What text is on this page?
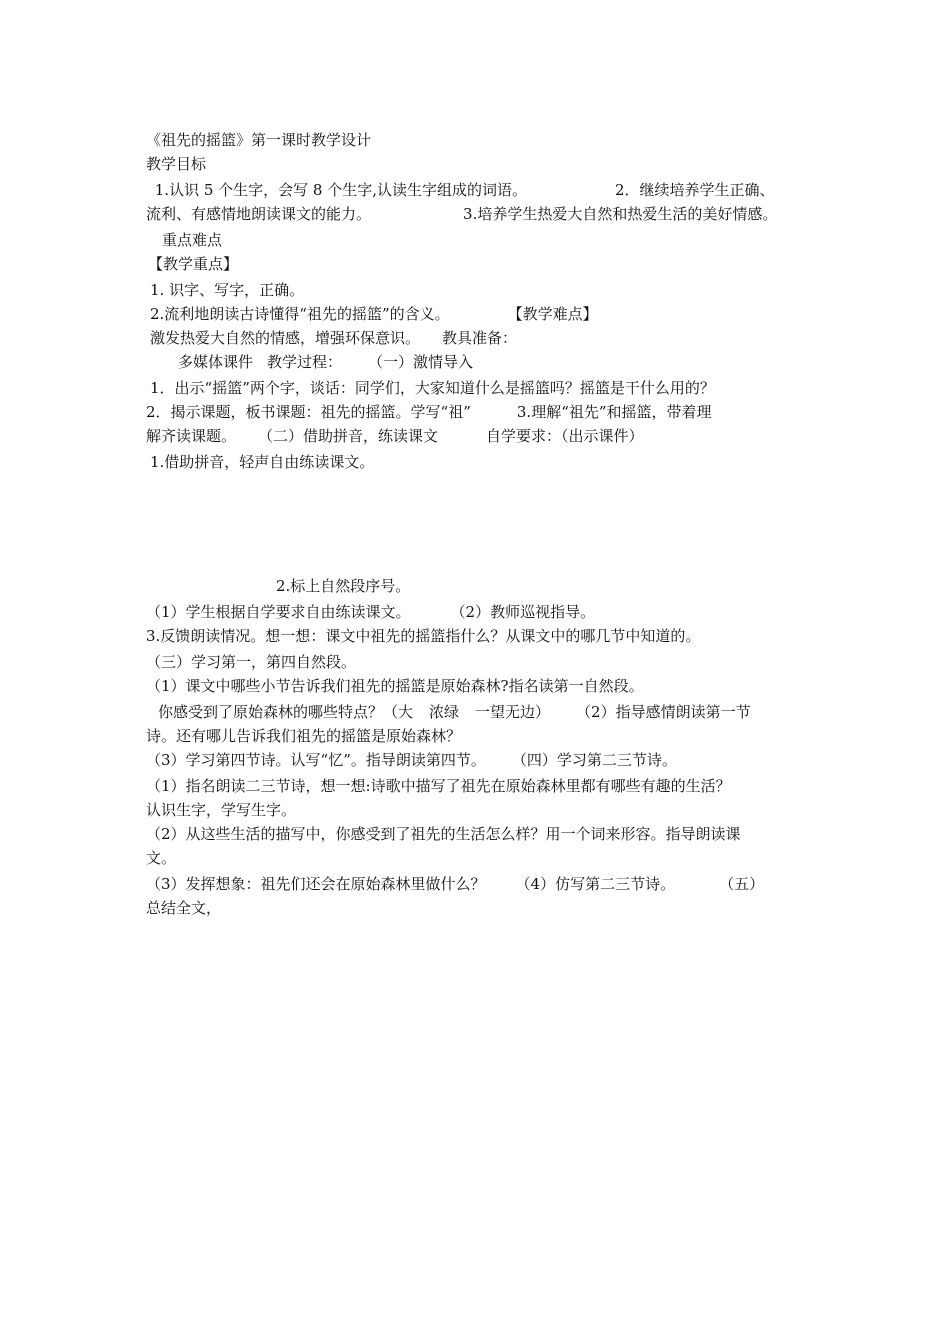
《祖先的摇篮》第一课时教学设计
教学目标
1.认识 5 个生字，会写 8 个生字,认读生字组成的词语。	2．继续培养学生正确、
流利、有感情地朗读课文的能力。	3.培养学生热爱大自然和热爱生活的美好情感。
重点难点
【教学重点】
1. 识字、写字，正确。
2.流利地朗读古诗懂得“祖先的摇篮”的含义。	【教学难点】
激发热爱大自然的情感，增强环保意识。 教具准备：
多媒体课件 教学过程： （一）激情导入
1．出示“摇篮”两个字，谈话：同学们，大家知道什么是摇篮吗？摇篮是干什么用的？
2．揭示课题，板书课题：祖先的摇篮。学写“祖”	3.理解“祖先”和摇篮，带着理
解齐读课题。 （二）借助拼音，练读课文	自学要求：（出示课件）
1.借助拼音，轻声自由练读课文。
2.标上自然段序号。
（1）学生根据自学要求自由练读课文。	（2）教师巡视指导。
3.反馈朗读情况。想一想：课文中祖先的摇篮指什么？从课文中的哪几节中知道的。
（三）学习第一，第四自然段。
（1）课文中哪些小节告诉我们祖先的摇篮是原始森林?指名读第一自然段。
你感受到了原始森林的哪些特点？（大 浓绿 一望无边） （2）指导感情朗读第一节
诗。还有哪儿告诉我们祖先的摇篮是原始森林？
（3）学习第四节诗。认写“忆”。指导朗读第四节。 （四）学习第二三节诗。
（1）指名朗读二三节诗，想一想:诗歌中描写了祖先在原始森林里都有哪些有趣的生活？
认识生字，学写生字。
（2）从这些生活的描写中，你感受到了祖先的生活怎么样？用一个词来形容。指导朗读课
文。
（3）发挥想象：祖先们还会在原始森林里做什么？ （4）仿写第二三节诗。	（五）
总结全文，
